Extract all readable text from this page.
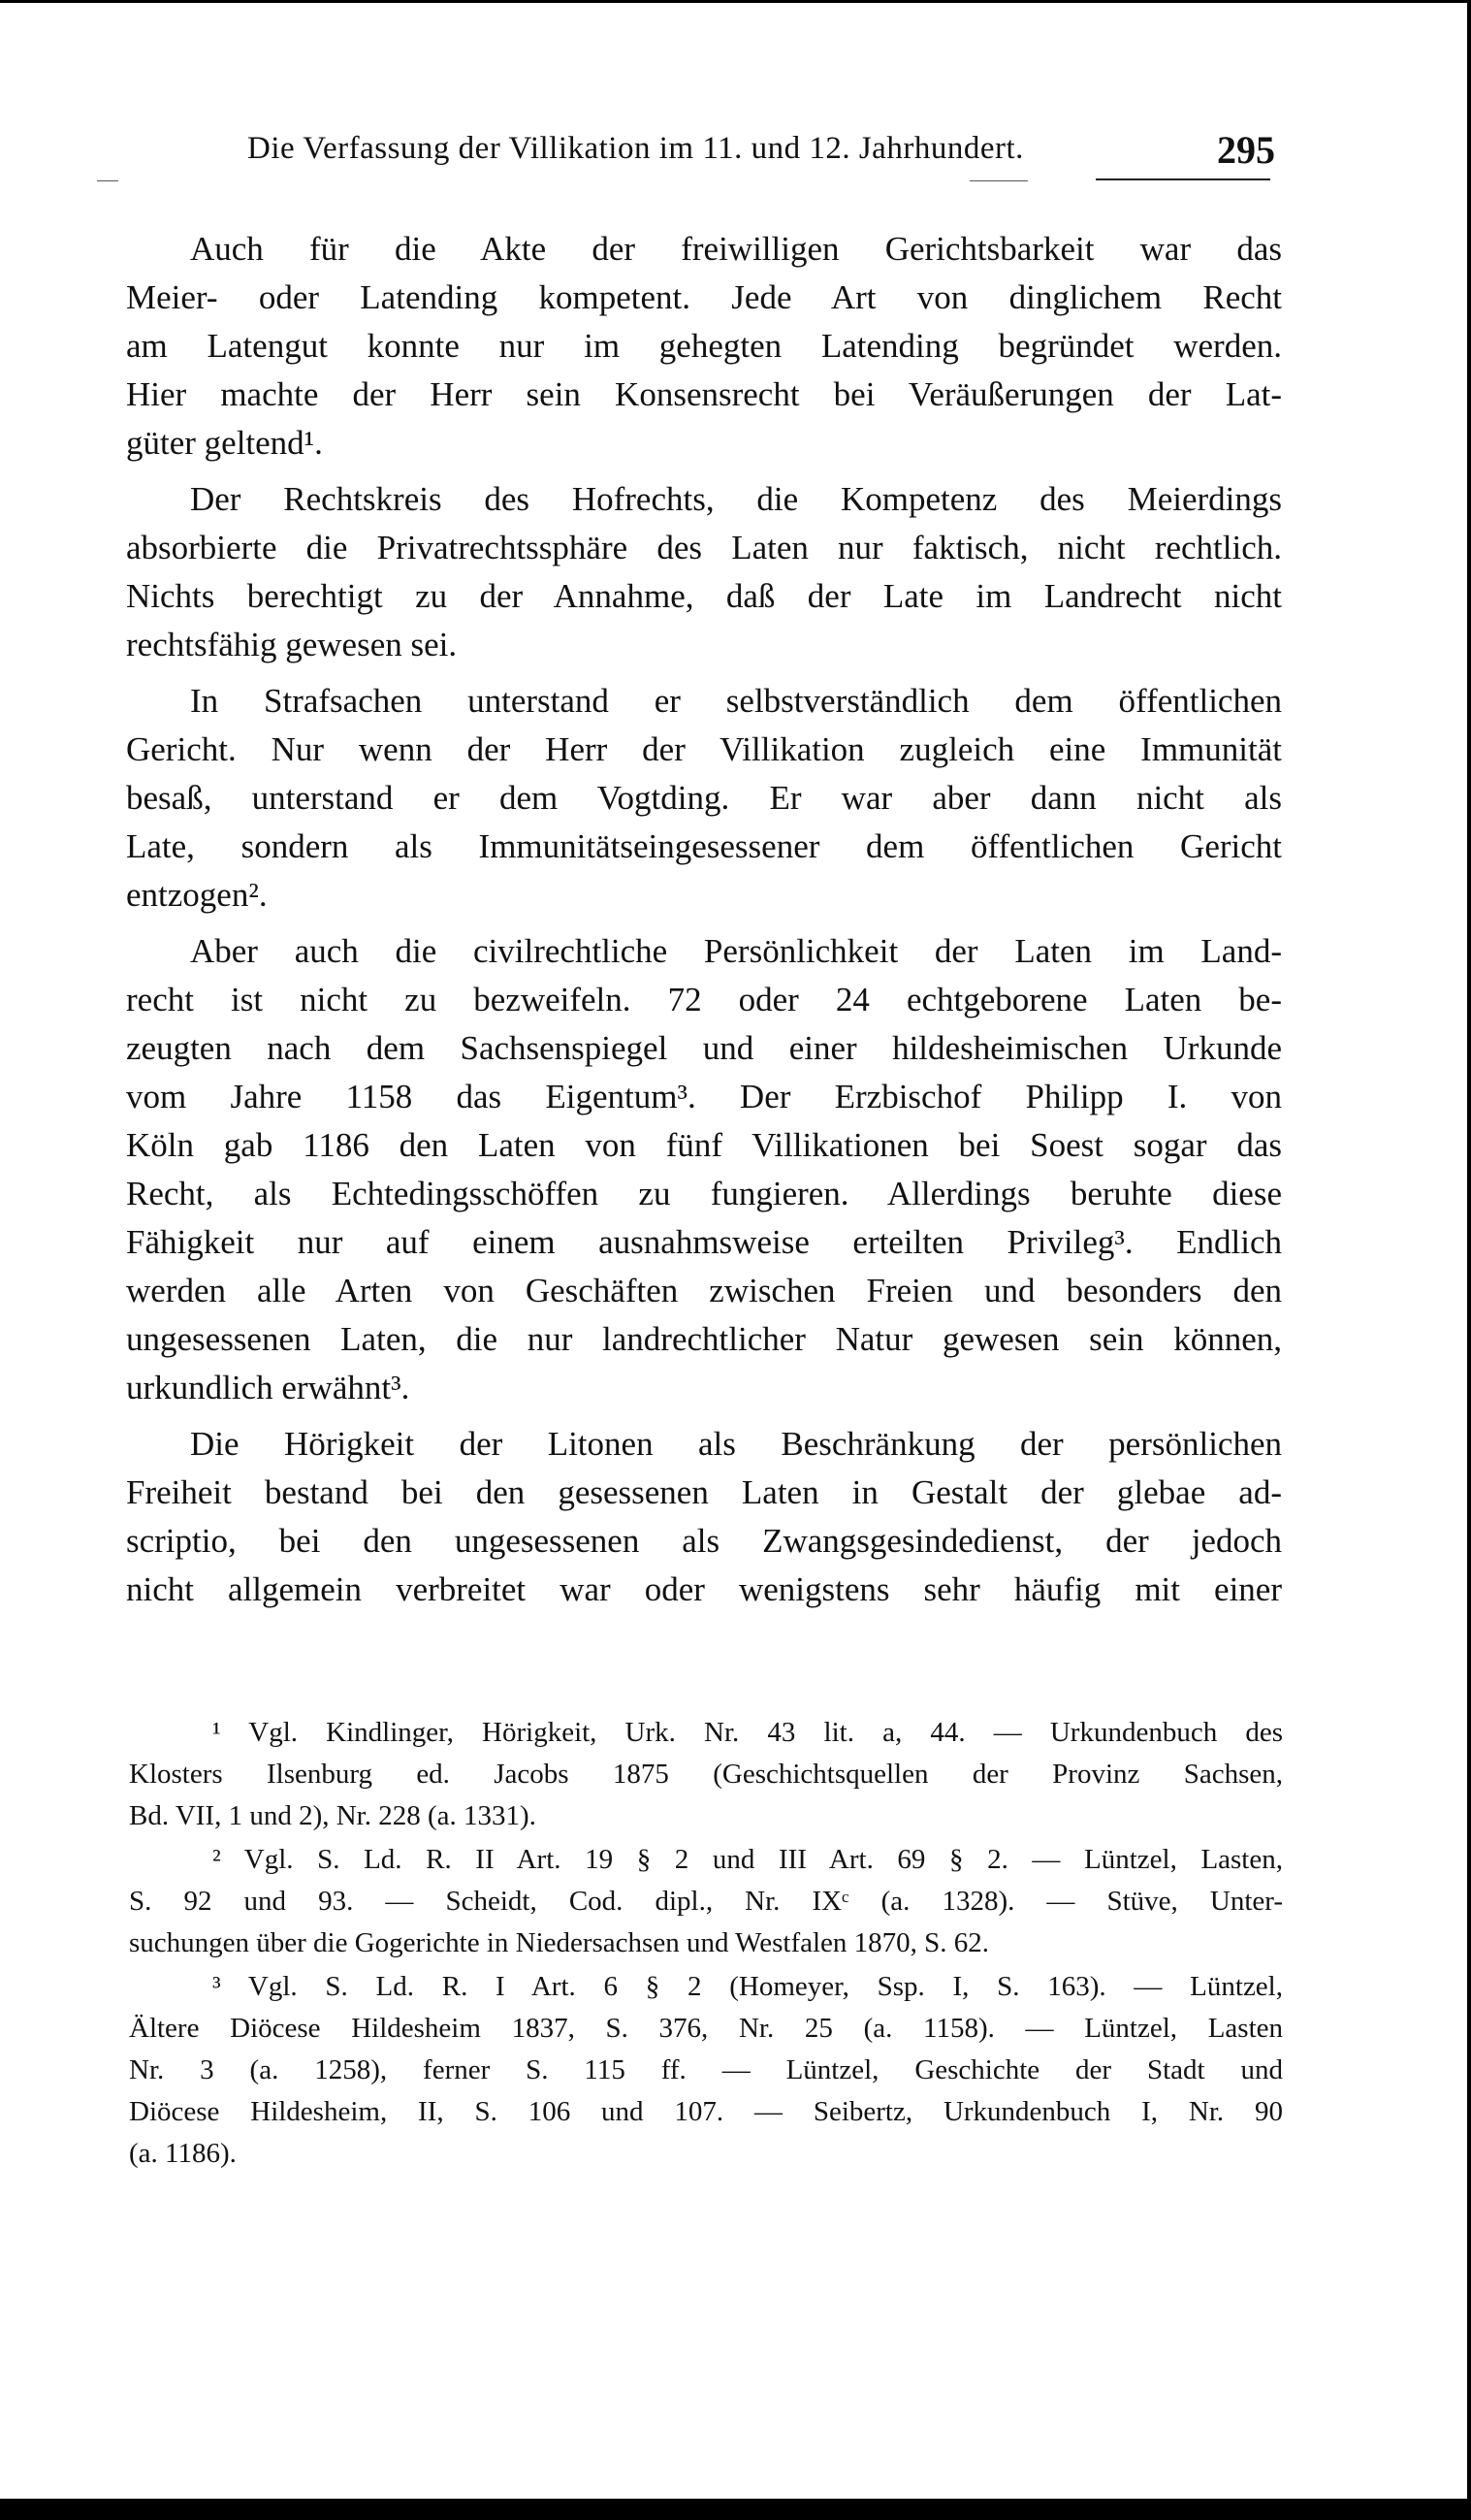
Die Verfassung der Villikation im 11. und 12. Jahrhundert.	295
Auch für die Akte der freiwilligen Gerichtsbarkeit war das
Meier- oder Latending kompetent. Jede Art von dinglichem Recht
am Latengut konnte nur im gehegten Latending begründet werden.
Hier machte der Herr sein Konsensrecht bei Veräußerungen der Lat-
güter geltend¹.
Der Rechtskreis des Hofrechts, die Kompetenz des Meierdings
absorbierte die Privatrechtssphäre des Laten nur faktisch, nicht rechtlich.
Nichts berechtigt zu der Annahme, daß der Late im Landrecht nicht
rechtsfähig gewesen sei.
In Strafsachen unterstand er selbstverständlich dem öffentlichen
Gericht. Nur wenn der Herr der Villikation zugleich eine Immunität
besaß, unterstand er dem Vogtding. Er war aber dann nicht als
Late, sondern als Immunitätseingesessener dem öffentlichen Gericht
entzogen².
Aber auch die civilrechtliche Persönlichkeit der Laten im Land-
recht ist nicht zu bezweifeln. 72 oder 24 echtgeborene Laten be-
zeugten nach dem Sachsenspiegel und einer hildesheimischen Urkunde
vom Jahre 1158 das Eigentum³. Der Erzbischof Philipp I. von
Köln gab 1186 den Laten von fünf Villikationen bei Soest sogar das
Recht, als Echtedingsschöffen zu fungieren. Allerdings beruhte diese
Fähigkeit nur auf einem ausnahmsweise erteilten Privileg³. Endlich
werden alle Arten von Geschäften zwischen Freien und besonders den
ungesessenen Laten, die nur landrechtlicher Natur gewesen sein können,
urkundlich erwähnt³.
Die Hörigkeit der Litonen als Beschränkung der persönlichen
Freiheit bestand bei den gesessenen Laten in Gestalt der glebae ad-
scriptio, bei den ungesessenen als Zwangsgesindedienst, der jedoch
nicht allgemein verbreitet war oder wenigstens sehr häufig mit einer
¹ Vgl. Kindlinger, Hörigkeit, Urk. Nr. 43 lit. a, 44. — Urkundenbuch des
Klosters Ilsenburg ed. Jacobs 1875 (Geschichtsquellen der Provinz Sachsen,
Bd. VII, 1 und 2), Nr. 228 (a. 1331).
² Vgl. S. Ld. R. II Art. 19 § 2 und III Art. 69 § 2. — Lüntzel, Lasten,
S. 92 und 93. — Scheidt, Cod. dipl., Nr. IXᶜ (a. 1328). — Stüve, Unter-
suchungen über die Gogerichte in Niedersachsen und Westfalen 1870, S. 62.
³ Vgl. S. Ld. R. I Art. 6 § 2 (Homeyer, Ssp. I, S. 163). — Lüntzel,
Ältere Diöcese Hildesheim 1837, S. 376, Nr. 25 (a. 1158). — Lüntzel, Lasten
Nr. 3 (a. 1258), ferner S. 115 ff. — Lüntzel, Geschichte der Stadt und
Diöcese Hildesheim, II, S. 106 und 107. — Seibertz, Urkundenbuch I, Nr. 90
(a. 1186).
